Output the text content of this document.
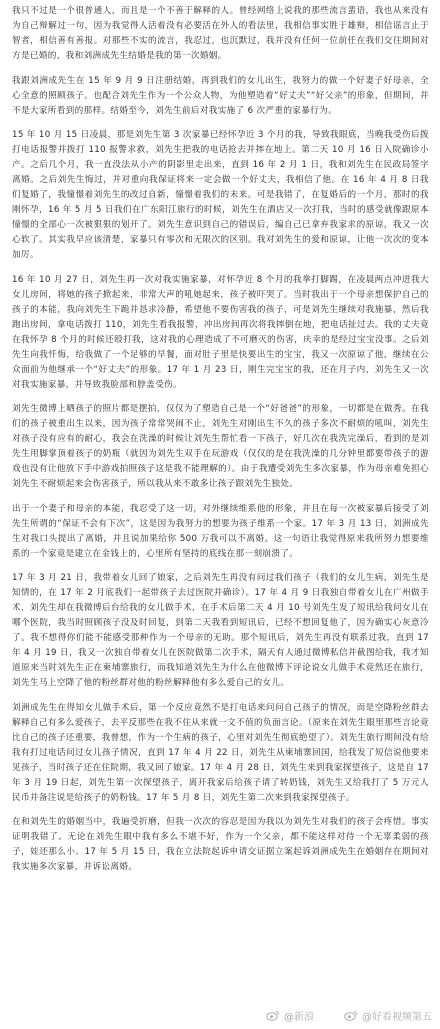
我只不过是一个很普通人，而且是一个不善于解释的人。曾经网络上说我的那些流言蜚语，我也从来没有为自己辩解过一句，因为我觉得人活着没有必要活在外人的看法里，我相信事实胜于雄辩，相信谣言止于智者，相信善有善报。对那些不实的流言，我忍过，也沉默过，我并没有任何一位前任在我们交往期间对方是已婚的，我和刘洲成先生结婚是我的第一次婚姻。

我跟刘洲成先生在 15 年 9 月 9 日注册结婚，再到我们的女儿出生，我努力的做一个好妻子好母亲，全心全意的照顾孩子。也配合刘先生作为一个公众人物，为他塑造着“好丈夫”“好父亲”的形象，但期间，并不是大家所看到的那样。结婚至今，刘先生前后对我实施了 6 次严重的家暴行为。

15 年 10 月 15 日凌晨，那是刘先生第 3 次家暴已经怀孕近 3 个月的我，导致我眼底，当晚我受伤后拨打电话报警并拨打 110 报警求救，刘先生把我的电话抢去并摔在地上。第二天 10 月 16 日入院确诊小产。之后几个月，我一直没法从小产的阴影里走出来，直到 16 年 2 月 1 日，我和刘先生在民政局签字离婚。之后刘先生悔过，并对重向我保证将来一定会做一个好丈夫，我相信了他。在 16 年 4 月 8 日我们复婚了，我憧憬着刘先生的改过自新，憧憬着我们的未来。可是我错了，在复婚后的一个月，那时的我刚怀孕，16 年 5 月 5 日我们在广东阳江旅行的时候，刘先生在酒店又一次打我，当时的感受就像跟原本憧憬的全部心一次被狠狠的划开了。刘先生意识到自己的错误后，编自己已拿弃我家求的原谅，我又一次心软了。其实我早应该清楚，家暴只有零次和无限次的区别。我对刘先生的爱和原谅，让他一次次的变本加厉。

16 年 10 月 27 日，刘先生再一次对我实施家暴，对怀孕近 8 个月的我拳打脚踢，在凌晨两点冲进我大女儿房间，将她的孩子掀起来，非常大声的吼她起来，孩子被吓哭了。当时我出于一个母亲想保护自己的孩子的本能，我向刘先生下跪并恳求冷静，希望他不要伤害我的孩子，可是刘先生继续对我施暴，然后我跑出房间，拿电话拨打 110，刘先生看我报警，冲出房间再次将我摔倒在地，把电话扯过去。我的丈夫竟在我怀孕 8 个月的时候还殴打我，这对我的心理造成了不可磨灭的伤害，庆幸的是经过宝宝没事。之后刘先生向我忏悔，给我做了一个足够的早餐，面对肚子里是快要出生的宝宝，我又一次原谅了他，继续在公众面前为他继承一个“好丈夫”的形象。17 年 1 月 23 日，刚生完宝宝的我，还在月子内，刘先生又一次对我实施家暴，并导致我脸部和脖盖受伤。

刘先生微博上晒孩子的照片都是摆拍，仅仅为了塑造自己是一个“好爸爸”的形象，一切都是在做秀。在我们的孩子被重出生以来，因为孩子常常哭闹不止，刘先生对刚出生不久的孩子多次不耐烦的吼叫，刘先生对孩子没有应有的耐心，我会在洗澡的时候让刘先生帮忙看一下孩子，好几次在我洗完澡后，看到的是刘先生用脚掌顶着孩子的奶瓶（就因为刘先生双手在玩游戏（仅仅的是在我洗澡的几分钟里都要带孩子的游戏也没有让他放下手中游戏拍照孩子这是我不能理解的）。由于我遭受刘先生多次家暴，作为母亲难免担心刘先生不耐烦起来会伤害孩子，所以我从来不敢多让孩子跟刘先生独处。

出于一个妻子和母亲的本能，我忍受了这一切，对外继续维系他的形象，并且在每一次被家暴后接受了刘先生所谓的“保证不会有下次”，这是因为我努力的想要为孩子维系一个家。17 年 3 月 13 日，刘洲成先生对我口头提出了离婚，并且说加果给你 500 万我可以不离婚。这一句语让我觉得原来我所努力想要维系的一个家竟是建立在金钱上的，心里所有坚持的底线在那一刻崩溃了。

17 年 3 月 21 日，我带着女儿回了娘家，之后刘先生再没有问过我们孩子（我们的女儿生病，刘先生是知情的，在 17 年 2 月底我们一起带孩子去过医院并确诊）。17 年 4 月 9 日我独自带着女儿在广州做手术，刘先生却在我微博后台给我的女儿做手术，在手术后第二天 4 月 10 号刘先生发了短讯给我问女儿在哪个医院，我当时照顾孩子没及时回复，到第二天我看到短讯后，已经不想回复他了，因为确实心灰意冷了。我不想得你们能不能感受那种作为一个母亲的无助。那个短讯后，刘先生再没有联系过我，直到 17 年 4 月 19 日，我又一次独自带着女儿在医院做第二次手术，隔天有人通过微博私信并截图给我，我才知道原来当时刘先生正在柬埔寨旅行，而我知道刘先生为什么在他微博下评论说女儿做手术竟然还在旅行，刘先生马上空降了他的粉丝群对他的粉丝解释他有多么爱自己的女儿。

刘洲成先生在得知女儿做手术后，第一个反应竟然不是打电话来问问自己孩子的情况，而是空降粉丝群去解释自己有多么爱孩子，去平反那些在我不住从来就一文不值的负面言论。（原来在刘先生眼里那些言论竟比自己的孩子还重要，我曾想，作为一个生病的孩子，心里对刘先生彻底绝望了）。刘先生旅行期间没有给我有打过电话问过女儿孩子情况，直到 17 年 4 月 22 日，刘先生从柬埔寨回国，给我发了短信说他要来见孩子，当时孩子还在住院期，我又回了娘家。17 年 4 月 28 日，刘先生来到我家探望孩子，这是自 17 年 3 月 19 日起，刘先生第一次探望孩子，离开我家后给孩子请了转奶钱，刘先生又给我打了 5 万元人民币并备注说是给孩子的奶粉钱。17 年 5 月 8 日，刘先生第二次来到我家探望孩子。

在和刘先生的婚姻当中，我遍受折磨，但我一次次的容忍是因为我以为刘先生对我们的孩子会疼惜。事实证明我错了。无论在刘先生眼中我有多么不堪不好，作为一个父亲，都不能这样对待一个无辜柔弱的孩子，娃还那么小。17 年 5 月 15 日，我在立法院起诉申请交证据立案起诉刘洲成先生在婚姻存在期间对我实施多次家暴，并诉讼离婚。

@新浪	@好看视频第五
